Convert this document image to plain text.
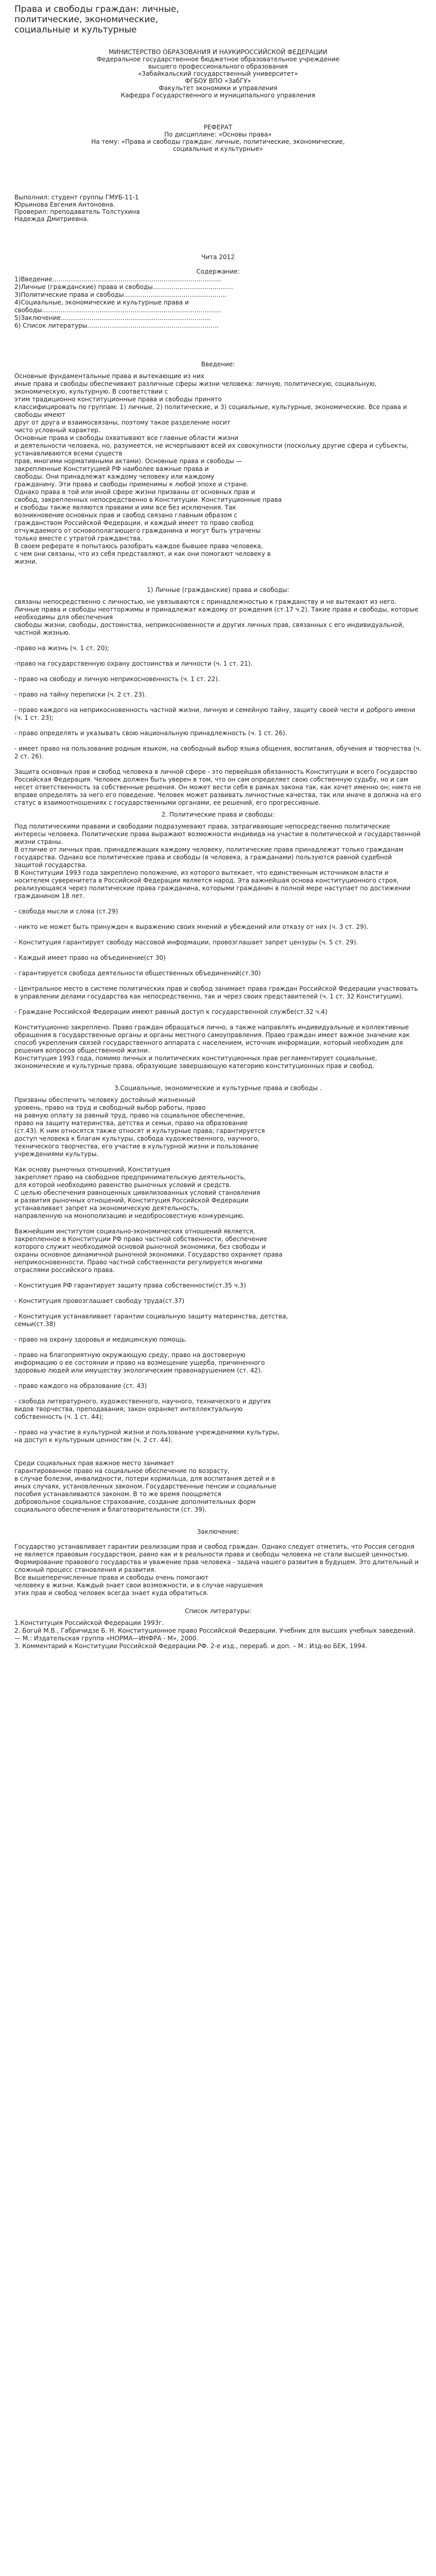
Права и свободы граждан: личные, политические, экономические, социальные и культурные
МИНИСТЕРСТВО ОБРАЗОВАНИЯ И НАУКИРОССИЙСКОЙ ФЕДЕРАЦИИ
Федеральное государственное бюджетное образовательное учреждение
высшего профессионального образования
«Забайкальский государственный университет»
ФГБОУ ВПО «ЗабГУ»
Факультет экономики и управления
Кафедра Государственного и муниципального управления
РЕФЕРАТ
По дисциплине: «Основы права»
На тему: «Права и свободы граждан: личные, политические, экономические,
социальные и культурные»
Выполнил: студент группы ГМУБ-11-1
Юрьинова Евгения Антоновна.
Проверил: преподаватель Толстухина
Надежда Дмитриевна.
Чита 2012
Содержание:
1)Введение……………………………………………………………………….
2)Личные (гражданские) права и свободы…………………………………
3)Политические права и свободы…………………………………………..
4)Социальные, экономические и культурные права и
свободы……………………………………………………………………………
5)Заключение……………………………………………………………….
6) Список литературы……………………………………………………….
Введение:
Основные фундаментальные права и вытекающие из них
иные права и свободы обеспечивают различные сферы жизни человека: личную, политическую, социальную, экономическую, культурную. В соответствии с
этим традиционно конституционные права и свободы принято
классифицировать по группам: 1) личные, 2) политические, и 3) социальные, культурные, экономические. Все права и свободы имеют
друг от друга и взаимосвязаны, поэтому такое разделение носит
чисто условный характер.
Основные права и свободы охватывают все главные области жизни
и деятельности человека, но, разумеется, не исчерпывают всей их совокупности (поскольку другие сфера и субъекты, устанавливаются всеми существ
прав, многими нормативными актами). Основные права и свободы —
закрепленные Конституцией РФ наиболее важные права и
свободы. Они принадлежат каждому человеку или каждому
гражданину. Эти права и свободы применимы к любой эпохе и стране.
Однако права в той или иной сфере жизни призваны от основных прав и
свобод, закрепленных непосредственно в Конституции. Конституционные права
и свободы также являются правами и ими все без исключения. Так
возникновение основных прав и свобод связано главным образом с
гражданством Российской Федерации, и каждый имеет то право свобод
отчуждаемого от основополагающего гражданина и могут быть утрачены
только вместе с утратой гражданства.
В своем реферате я попытаюсь разобрать каждое бывшее права человека,
с чем они связаны, что из себя представляют, и как они помогают человеку в
жизни.
1) Личные (гражданские) права и свободы:
связаны непосредственно с личностью, не увязываются с принадлежностью к гражданству и не вытекают из него. Личные права и свободы неотторжимы и принадлежат каждому от рождения (ст.17 ч.2). Такие права и свободы, которые необходимы для обеспечения
свободы жизни, свободы, достоинства, неприкосновенности и других личных прав, связанных с его индивидуальной, частной жизнью.

-право на жизнь (ч. 1 ст. 20);

-право на государственную охрану достоинства и личности (ч. 1 ст. 21).

- право на свободу и личную неприкосновенность (ч. 1 ст. 22).

- право на тайну переписки (ч. 2 ст. 23).

- право каждого на неприкосновенность частной жизни, личную и семейную тайну, защиту своей чести и доброго имени (ч. 1 ст. 23);

- право определять и указывать свою национальную принадлежность (ч. 1 ст. 26).

- имеет право на пользование родным языком, на свободный выбор языка общения, воспитания, обучения и творчества (ч. 2 ст. 26).

Защита основных прав и свобод человека в личной сфере - это первейшая обязанность Конституции и всего Государство Российская Федерация. Человек должен быть уверен в том, что он сам определяет свою собственную судьбу, но и сам несет ответственность за собственные решения. Он может вести себя в рамках закона так, как хочет именно он; никто не вправе определять за него его поведение. Человек может развивать личностные качества, так или иначе в должна на его статус в взаимоотношениях с государственными органами, ее решений, его прогрессивные.
2. Политические права и свободы:
Под политическими правами и свободами подразумевают права, затрагивающие непосредственно политические интересы человека. Политические права выражают возможности индивида на участие в политической и государственной жизни страны.
В отличие от личных прав, принадлежащих каждому человеку, политические права принадлежат только гражданам государства. Однако все политические права и свободы (в человека, а гражданами) пользуются равной судебной защитой государства.
В Конституции 1993 года закреплено положение, из которого вытекает, что единственным источником власти и носителем суверенитета в Российской Федерации является народ. Эта важнейшая основа конституционного строя, реализующаяся через политические права гражданина, которыми гражданин в полной мере наступает по достижении гражданином 18 лет.

- свобода мысли и слова (ст.29)

- никто не может быть принужден к выражению своих мнений и убеждений или отказу от них (ч. 3 ст. 29).

- Конституция гарантирует свободу массовой информации, провозглашает запрет цензуры (ч. 5 ст. 29).

- Каждый имеет право на объединение(ст 30)

- гарантируется свобода деятельности общественных объединений(ст.30)

- Центральное место в системе политических прав и свобод занимает права граждан Российской Федерации участвовать в управлении делами государства как непосредственно, так и через своих представителей (ч. 1 ст. 32 Конституции).

- Граждане Российской Федерации имеют равный доступ к государственной службе(ст.32 ч.4)

Конституционно закреплено. Право граждан обращаться лично, а также направлять индивидуальные и коллективные обращения в государственные органы и органы местного самоуправления. Право граждан имеет важное значение как способ укрепления связей государственного аппарата с населением, источник информации, который необходим для решения вопросов общественной жизни.
Конституция 1993 года, помимо личных и политических конституционных прав регламентирует социальные, экономические и культурные права, образующие завершающую категорию конституционных прав и свобод.
3.Социальные, экономические и культурные права и свободы .
Призваны обеспечить человеку достойный жизненный
уровень, право на труд и свободный выбор работы, право
на равную оплату за равный труд, право на социальное обеспечение,
право на защиту материнства, детства и семьи, право на образование
(ст.43). К ним относятся также относят и культурные права; гарантируется
доступ человека к благам культуры, свобода художественного, научного,
технического творчества, его участие в культурной жизни и пользование
учреждениями культуры.

Как основу рыночных отношений, Конституция
закрепляет право на свободное предпринимательскую деятельность,
для которой необходимо равенство рыночных условий и средств.
С целью обеспечения равноценных цивилизованных условий становления
и развития рыночных отношений, Конституция Российской Федерации
устанавливает запрет на экономическую деятельность,
направленную на монополизацию и недобросовестную конкуренцию.

Важнейшим институтом социально-экономических отношений является,
закрепленное в Конституции РФ право частной собственности, обеспечение
которого служит необходимой основой рыночной экономики, без свободы и
охраны основное динамичной рыночной экономики. Государство охраняет права
неприкосновенности. Право частной собственности регулируется многими
отраслями российского права.

- Конституция РФ гарантирует защиту права собственности(ст.35 ч.3)

- Конституция провозглашает свободу труда(ст.37)

- Конституция устанавливает гарантии социальную защиту материнства, детства,
семьи(ст.38)

- право на охрану здоровья и медицинскую помощь.

- право на благоприятную окружающую среду, право на достоверную
информацию о ее состоянии и право на возмещение ущерба, причиненного
здоровью людей или имуществу экологическим правонарушением (ст. 42).

- право каждого на образование (ст. 43)

- свобода литературного, художественного, научного, технического и других
видов творчества, преподавания; закон охраняет интеллектуальную
собственность (ч. 1 ст. 44);

- право на участие в культурной жизни и пользование учреждениями культуры,
на доступ к культурным ценностям (ч. 2 ст. 44).

Среди социальных прав важное место занимает
гарантированное право на социальное обеспечение по возрасту,
в случае болезни, инвалидности, потери кормильца, для воспитания детей и в
иных случаях, установленных законом. Государственные пенсии и социальные
пособия устанавливаются законом. В то же время поощряется
добровольное социальное страхование, создание дополнительных форм
социального обеспечения и благотворительности (ст. 39).
Заключение:
Государство устанавливает гарантии реализации прав и свобод граждан. Однако следует отметить, что Россия сегодня не является правовым государством, равно как и в реальности права и свободы человека не стали высшей ценностью. Формирование правового государства и уважение прав человека - задача нашего развития в будущем. Это длительный и сложный процесс становления и развития.
Все вышеперечисленные права и свободы очень помогают
человеку в жизни. Каждый знает свои возможности, и в случае нарушения
этих прав и свобод человек всегда знает куда обратиться.
Список литературы:
1.Конституция Российской Федерации 1993г.
2. Бoгuй М.В., Габричидзе Б. Н. Конституционное право Российской Федерации. Учебник для высших учебных заведений. — М.: Издательская группа «НОРМА—ИНФРА - М», 2000.
3. Комментарий к Конституции Российской Федерации.РФ. 2-е изд., перераб. и доп. – М.: Изд-во БЕК, 1994.
